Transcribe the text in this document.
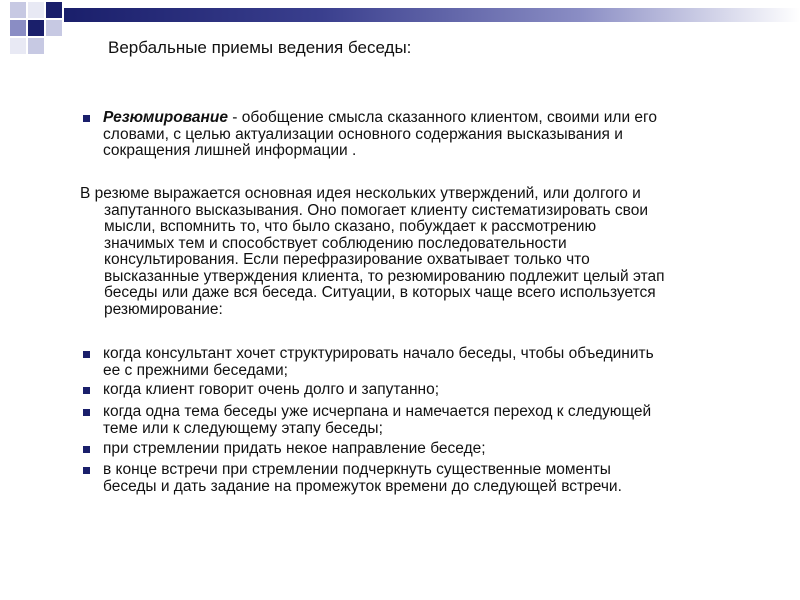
Вербальные приемы ведения беседы:
Резюмирование - обобщение смысла сказанного клиентом, своими или его
словами, с целью актуализации основного содержания высказывания и
сокращения лишней информации .
В резюме выражается основная идея нескольких утверждений, или долгого и
запутанного высказывания. Оно помогает клиенту систематизировать свои
мысли, вспомнить то, что было сказано, побуждает к рассмотрению
значимых тем и способствует соблюдению последовательности
консультирования. Если перефразирование охватывает только что
высказанные утверждения клиента, то резюмированию подлежит целый этап
беседы или даже вся беседа. Ситуации, в которых чаще всего используется
резюмирование:
когда консультант хочет структурировать начало беседы, чтобы объединить
ее с прежними беседами;
когда клиент говорит очень долго и запутанно;
когда одна тема беседы уже исчерпана и намечается переход к следующей
теме или к следующему этапу беседы;
при стремлении придать некое направление беседе;
в конце встречи при стремлении подчеркнуть существенные моменты
беседы и дать задание на промежуток времени до следующей встречи.
